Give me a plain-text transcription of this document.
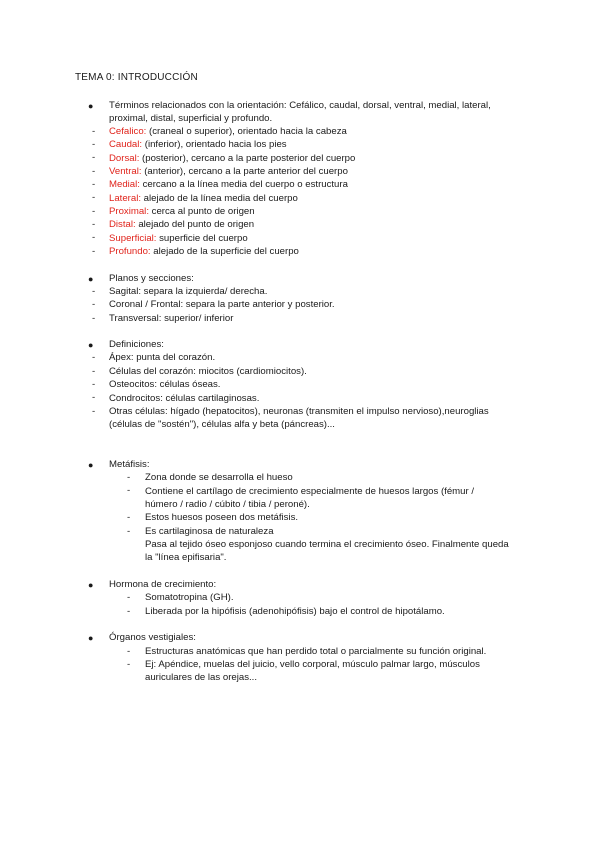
TEMA 0: INTRODUCCIÓN
● Términos relacionados con la orientación: Cefálico, caudal, dorsal, ventral, medial, lateral,
proximal, distal, superficial y profundo.
- Cefalico: (craneal o superior), orientado hacia la cabeza
- Caudal: (inferior), orientado hacia los pies
- Dorsal: (posterior), cercano a la parte posterior del cuerpo
- Ventral: (anterior), cercano a la parte anterior del cuerpo
- Medial: cercano a la línea media del cuerpo o estructura
- Lateral: alejado de la línea media del cuerpo
- Proximal: cerca al punto de origen
- Distal: alejado del punto de origen
- Superficial: superficie del cuerpo
- Profundo: alejado de la superficie del cuerpo
● Planos y secciones:
- Sagital: separa la izquierda/ derecha.
- Coronal / Frontal: separa la parte anterior y posterior.
- Transversal: superior/ inferior
● Definiciones:
- Ápex: punta del corazón.
- Células del corazón: miocitos (cardiomiocitos).
- Osteocitos: células óseas.
- Condrocitos: células cartilaginosas.
- Otras células: hígado (hepatocitos), neuronas (transmiten el impulso nervioso),neuroglias
(células de "sostén"), células alfa y beta (páncreas)...
● Metáfisis:
- Zona donde se desarrolla el hueso
- Contiene el cartílago de crecimiento especialmente de huesos largos (fémur /
húmero / radio / cúbito / tibia / peroné).
- Estos huesos poseen dos metáfisis.
- Es cartilaginosa de naturaleza
Pasa al tejido óseo esponjoso cuando termina el crecimiento óseo. Finalmente queda
la "línea epifisaria".
● Hormona de crecimiento:
- Somatotropina (GH).
- Liberada por la hipófisis (adenohipófisis) bajo el control de hipotálamo.
● Órganos vestigiales:
- Estructuras anatómicas que han perdido total o parcialmente su función original.
- Ej: Apéndice, muelas del juicio, vello corporal, músculo palmar largo, músculos
auriculares de las orejas...
